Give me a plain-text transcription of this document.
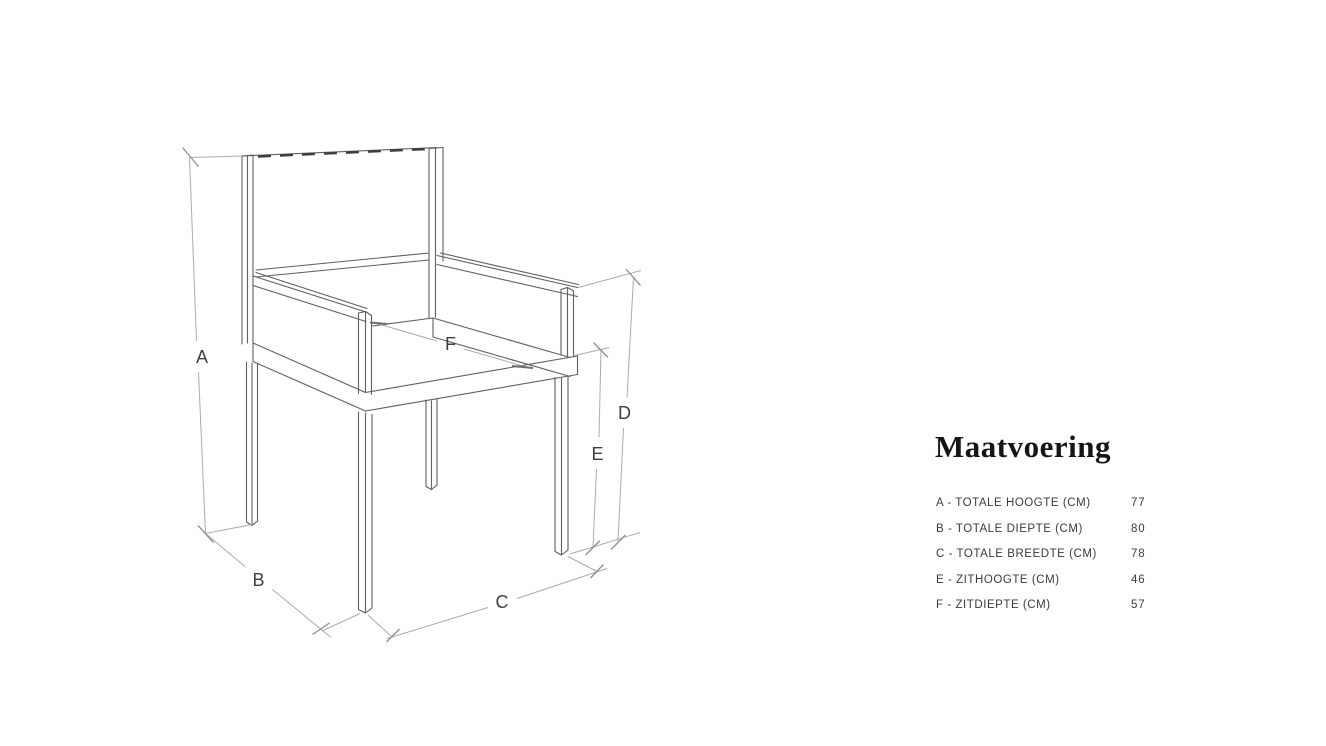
A
B
C
D
E
F
Maatvoering
A - TOTALE HOOGTE (CM)	77
B - TOTALE DIEPTE (CM)	80
C - TOTALE BREEDTE (CM)	78
E - ZITHOOGTE (CM)	46
F - ZITDIEPTE (CM)	57
